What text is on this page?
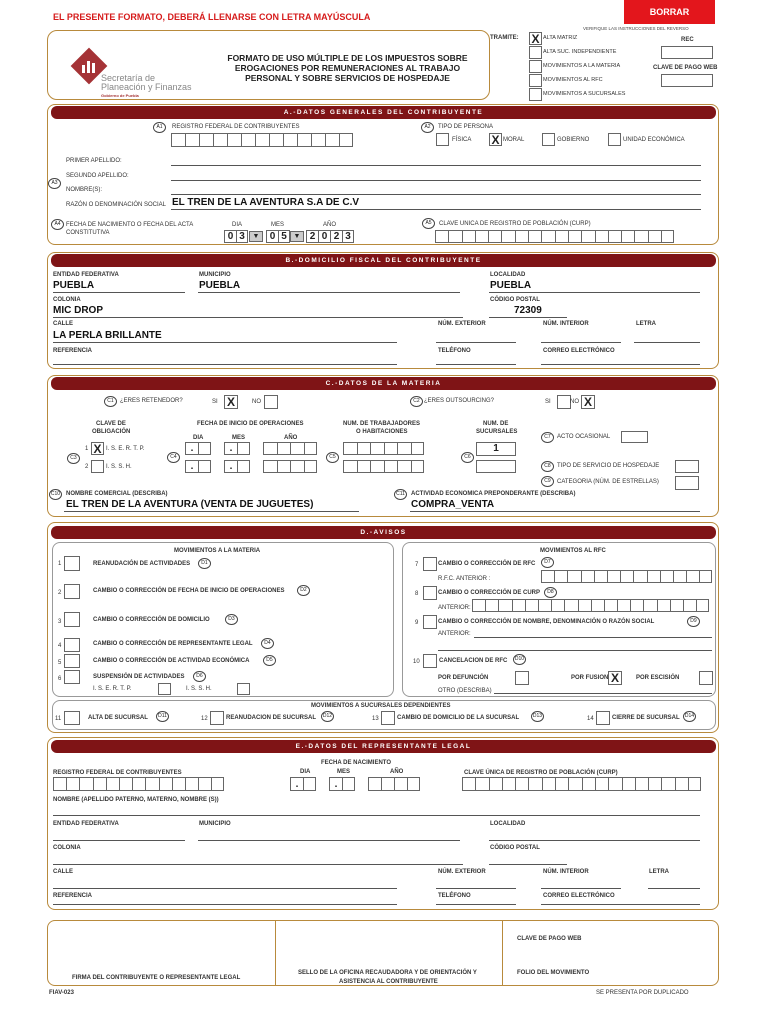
EL PRESENTE FORMATO, DEBERÁ LLENARSE CON LETRA MAYÚSCULA	BORRAR
VERIFIQUE LAS INSTRUCCIONES DEL REVERSO
Secretaría de
Planeación y Finanzas
Gobierno de Puebla
FORMATO DE USO MÚLTIPLE DE LOS IMPUESTOS SOBRE
EROGACIONES POR REMUNERACIONES AL TRABAJO
PERSONAL Y SOBRE SERVICIOS DE HOSPEDAJE
TRAMITE: X ALTA MATRIZ
ALTA SUC. INDEPENDIENTE
MOVIMIENTOS A LA MATERIA
MOVIMIENTOS AL RFC
MOVIMIENTOS A SUCURSALES
REC
CLAVE DE PAGO WEB
A.-DATOS GENERALES DEL CONTRIBUYENTE
A1	REGISTRO FEDERAL DE CONTRIBUYENTES	A2	TIPO DE PERSONA
FÍSICA X MORAL	GOBIERNO	UNIDAD ECONÓMICA
A3
PRIMER APELLIDO:
SEGUNDO APELLIDO:
NOMBRE(S):
RAZÓN O DENOMINACIÓN SOCIAL EL TREN DE LA AVENTURA S.A DE C.V
A4 FECHA DE NACIMIENTO O FECHA DEL ACTA
CONSTITUTIVA
DIA	MES	AÑO
0 3	▼	0 5 ▼ 2 0 2 3
A5	CLAVE UNICA DE REGISTRO DE POBLACIÓN (CURP)
B.-DOMICILIO FISCAL DEL CONTRIBUYENTE
ENTIDAD FEDERATIVA
PUEBLA
MUNICIPIO
PUEBLA
LOCALIDAD
PUEBLA
COLONIA
MIC DROP
CÓDIGO POSTAL
72309
CALLE
LA PERLA BRILLANTE
NÚM. EXTERIOR	NÚM. INTERIOR	LETRA
REFERENCIA	TELÉFONO	CORREO ELECTRÓNICO
C.-DATOS DE LA MATERIA
C1	¿ERES RETENEDOR?	SI X	NO	C2 ¿ERES OUTSOURCING?	SI	NO X
CLAVE DE
OBLIGACIÓN
FECHA DE INICIO DE OPERACIONES
DIA	MES	AÑO
NUM. DE TRABAJADORES
O HABITACIONES
NUM. DE
SUCURSALES
C3
1 X I. S. E. R. T. P.
2	I. S. S. H.
C4
.	.
.	.
C5	C6
1
C7	ACTO OCASIONAL
C8	TIPO DE SERVICIO DE HOSPEDAJE
C9	CATEGORIA (NÚM. DE ESTRELLAS)
C10 NOMBRE COMERCIAL (DESCRIBA)
EL TREN DE LA AVENTURA (VENTA DE JUGUETES)
C11	ACTIVIDAD ECONOMICA PREPONDERANTE (DESCRIBA)
COMPRA_VENTA
D.-AVISOS
MOVIMIENTOS A LA MATERIA	MOVIMIENTOS AL RFC
1	REANUDACIÓN DE ACTIVIDADES	D1
2	CAMBIO O CORRECCIÓN DE FECHA DE INICIO DE OPERACIONES	D2
3	CAMBIO O CORRECCIÓN DE DOMICILIO	D3
4	CAMBIO O CORRECCIÓN DE REPRESENTANTE LEGAL	D4
5	CAMBIO O CORRECCIÓN DE ACTIVIDAD ECONÓMICA	D5
6	SUSPENSIÓN DE ACTIVIDADES	D6
I. S. E. R. T. P.	I. S. S. H.
7	CAMBIO O CORRECCIÓN DE RFC	D7
R.F.C. ANTERIOR :
8	CAMBIO O CORRECCIÓN DE CURP	D8
ANTERIOR:
9	CAMBIO O CORRECCIÓN DE NOMBRE, DENOMINACIÓN O RAZÓN SOCIAL	D9
ANTERIOR:
10	CANCELACION DE RFC	D10
POR DEFUNCIÓN	POR FUSION X	POR ESCISIÓN
OTRO (DESCRIBA)
MOVIMIENTOS A SUCURSALES DEPENDIENTES
11	ALTA DE SUCURSAL	D11	12	REANUDACION DE SUCURSAL	D12	13	CAMBIO DE DOMICILIO DE LA SUCURSAL	D13	14	CIERRE DE SUCURSAL	D14
E.-DATOS DEL REPRESENTANTE LEGAL
FECHA DE NACIMIENTO
REGISTRO FEDERAL DE CONTRIBUYENTES	DIA	MES	AÑO	CLAVE ÚNICA DE REGISTRO DE POBLACIÓN (CURP)
.	.
NOMBRE (APELLIDO PATERNO, MATERNO, NOMBRE (S))
ENTIDAD FEDERATIVA	MUNICIPIO	LOCALIDAD
COLONIA	CÓDIGO POSTAL
CALLE	NÚM. EXTERIOR	NÚM. INTERIOR	LETRA
REFERENCIA	TELÉFONO	CORREO ELECTRÓNICO
FIRMA DEL CONTRIBUYENTE O REPRESENTANTE LEGAL
SELLO DE LA OFICINA RECAUDADORA Y DE ORIENTACIÓN Y
ASISTENCIA AL CONTRIBUYENTE
CLAVE DE PAGO WEB
FOLIO DEL MOVIMIENTO
FIAV-023	SE PRESENTA POR DUPLICADO
